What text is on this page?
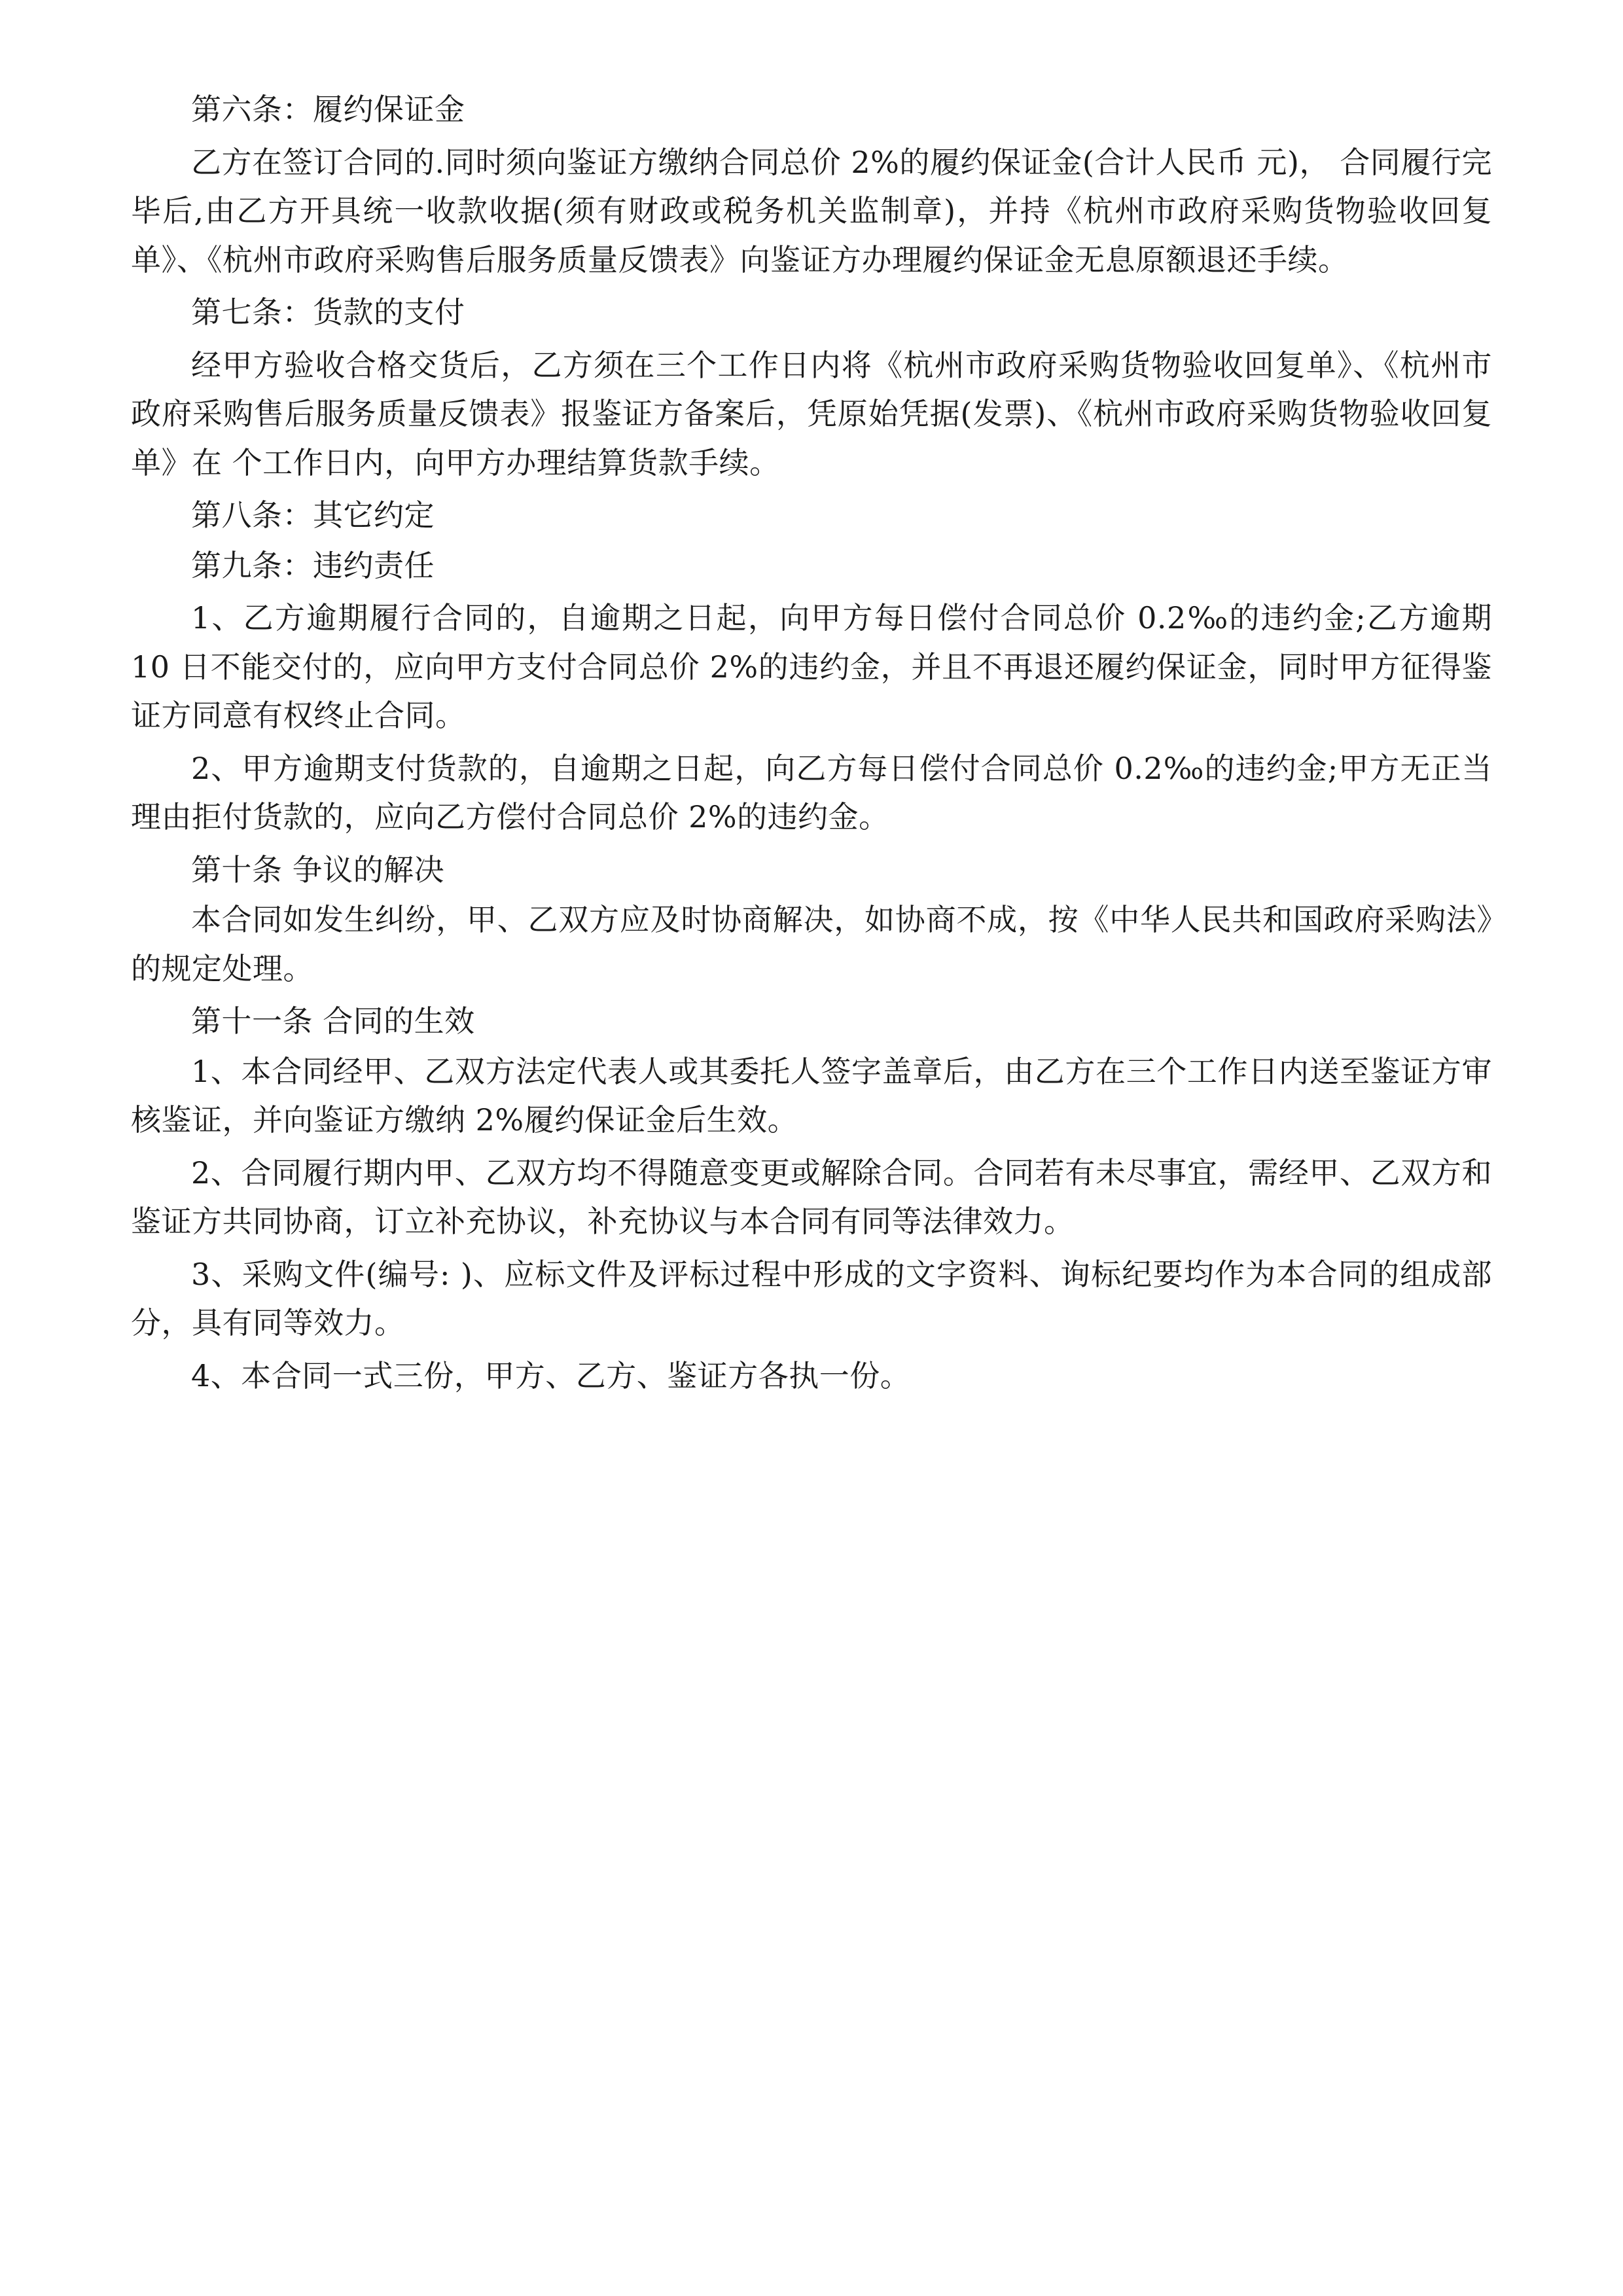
第六条：履约保证金

乙方在签订合同的.同时须向鉴证方缴纳合同总价 2%的履约保证金(合计人民币 元)， 合同履行完毕后,由乙方开具统一收款收据(须有财政或税务机关监制章)，并持《杭州市政府采购货物验收回复单》、《杭州市政府采购售后服务质量反馈表》向鉴证方办理履约保证金无息原额退还手续。

第七条：货款的支付

经甲方验收合格交货后，乙方须在三个工作日内将《杭州市政府采购货物验收回复单》、《杭州市政府采购售后服务质量反馈表》报鉴证方备案后，凭原始凭据(发票)、《杭州市政府采购货物验收回复单》在 个工作日内，向甲方办理结算货款手续。

第八条：其它约定

第九条：违约责任

1、乙方逾期履行合同的，自逾期之日起，向甲方每日偿付合同总价 0.2‰的违约金;乙方逾期 10 日不能交付的，应向甲方支付合同总价 2%的违约金，并且不再退还履约保证金，同时甲方征得鉴证方同意有权终止合同。

2、甲方逾期支付货款的，自逾期之日起，向乙方每日偿付合同总价 0.2‰的违约金;甲方无正当理由拒付货款的，应向乙方偿付合同总价 2%的违约金。

第十条 争议的解决

本合同如发生纠纷，甲、乙双方应及时协商解决，如协商不成，按《中华人民共和国政府采购法》的规定处理。

第十一条 合同的生效

1、本合同经甲、乙双方法定代表人或其委托人签字盖章后，由乙方在三个工作日内送至鉴证方审核鉴证，并向鉴证方缴纳 2%履约保证金后生效。

2、合同履行期内甲、乙双方均不得随意变更或解除合同。合同若有未尽事宜，需经甲、乙双方和鉴证方共同协商，订立补充协议，补充协议与本合同有同等法律效力。

3、采购文件(编号: )、应标文件及评标过程中形成的文字资料、询标纪要均作为本合同的组成部分，具有同等效力。

4、本合同一式三份，甲方、乙方、鉴证方各执一份。
